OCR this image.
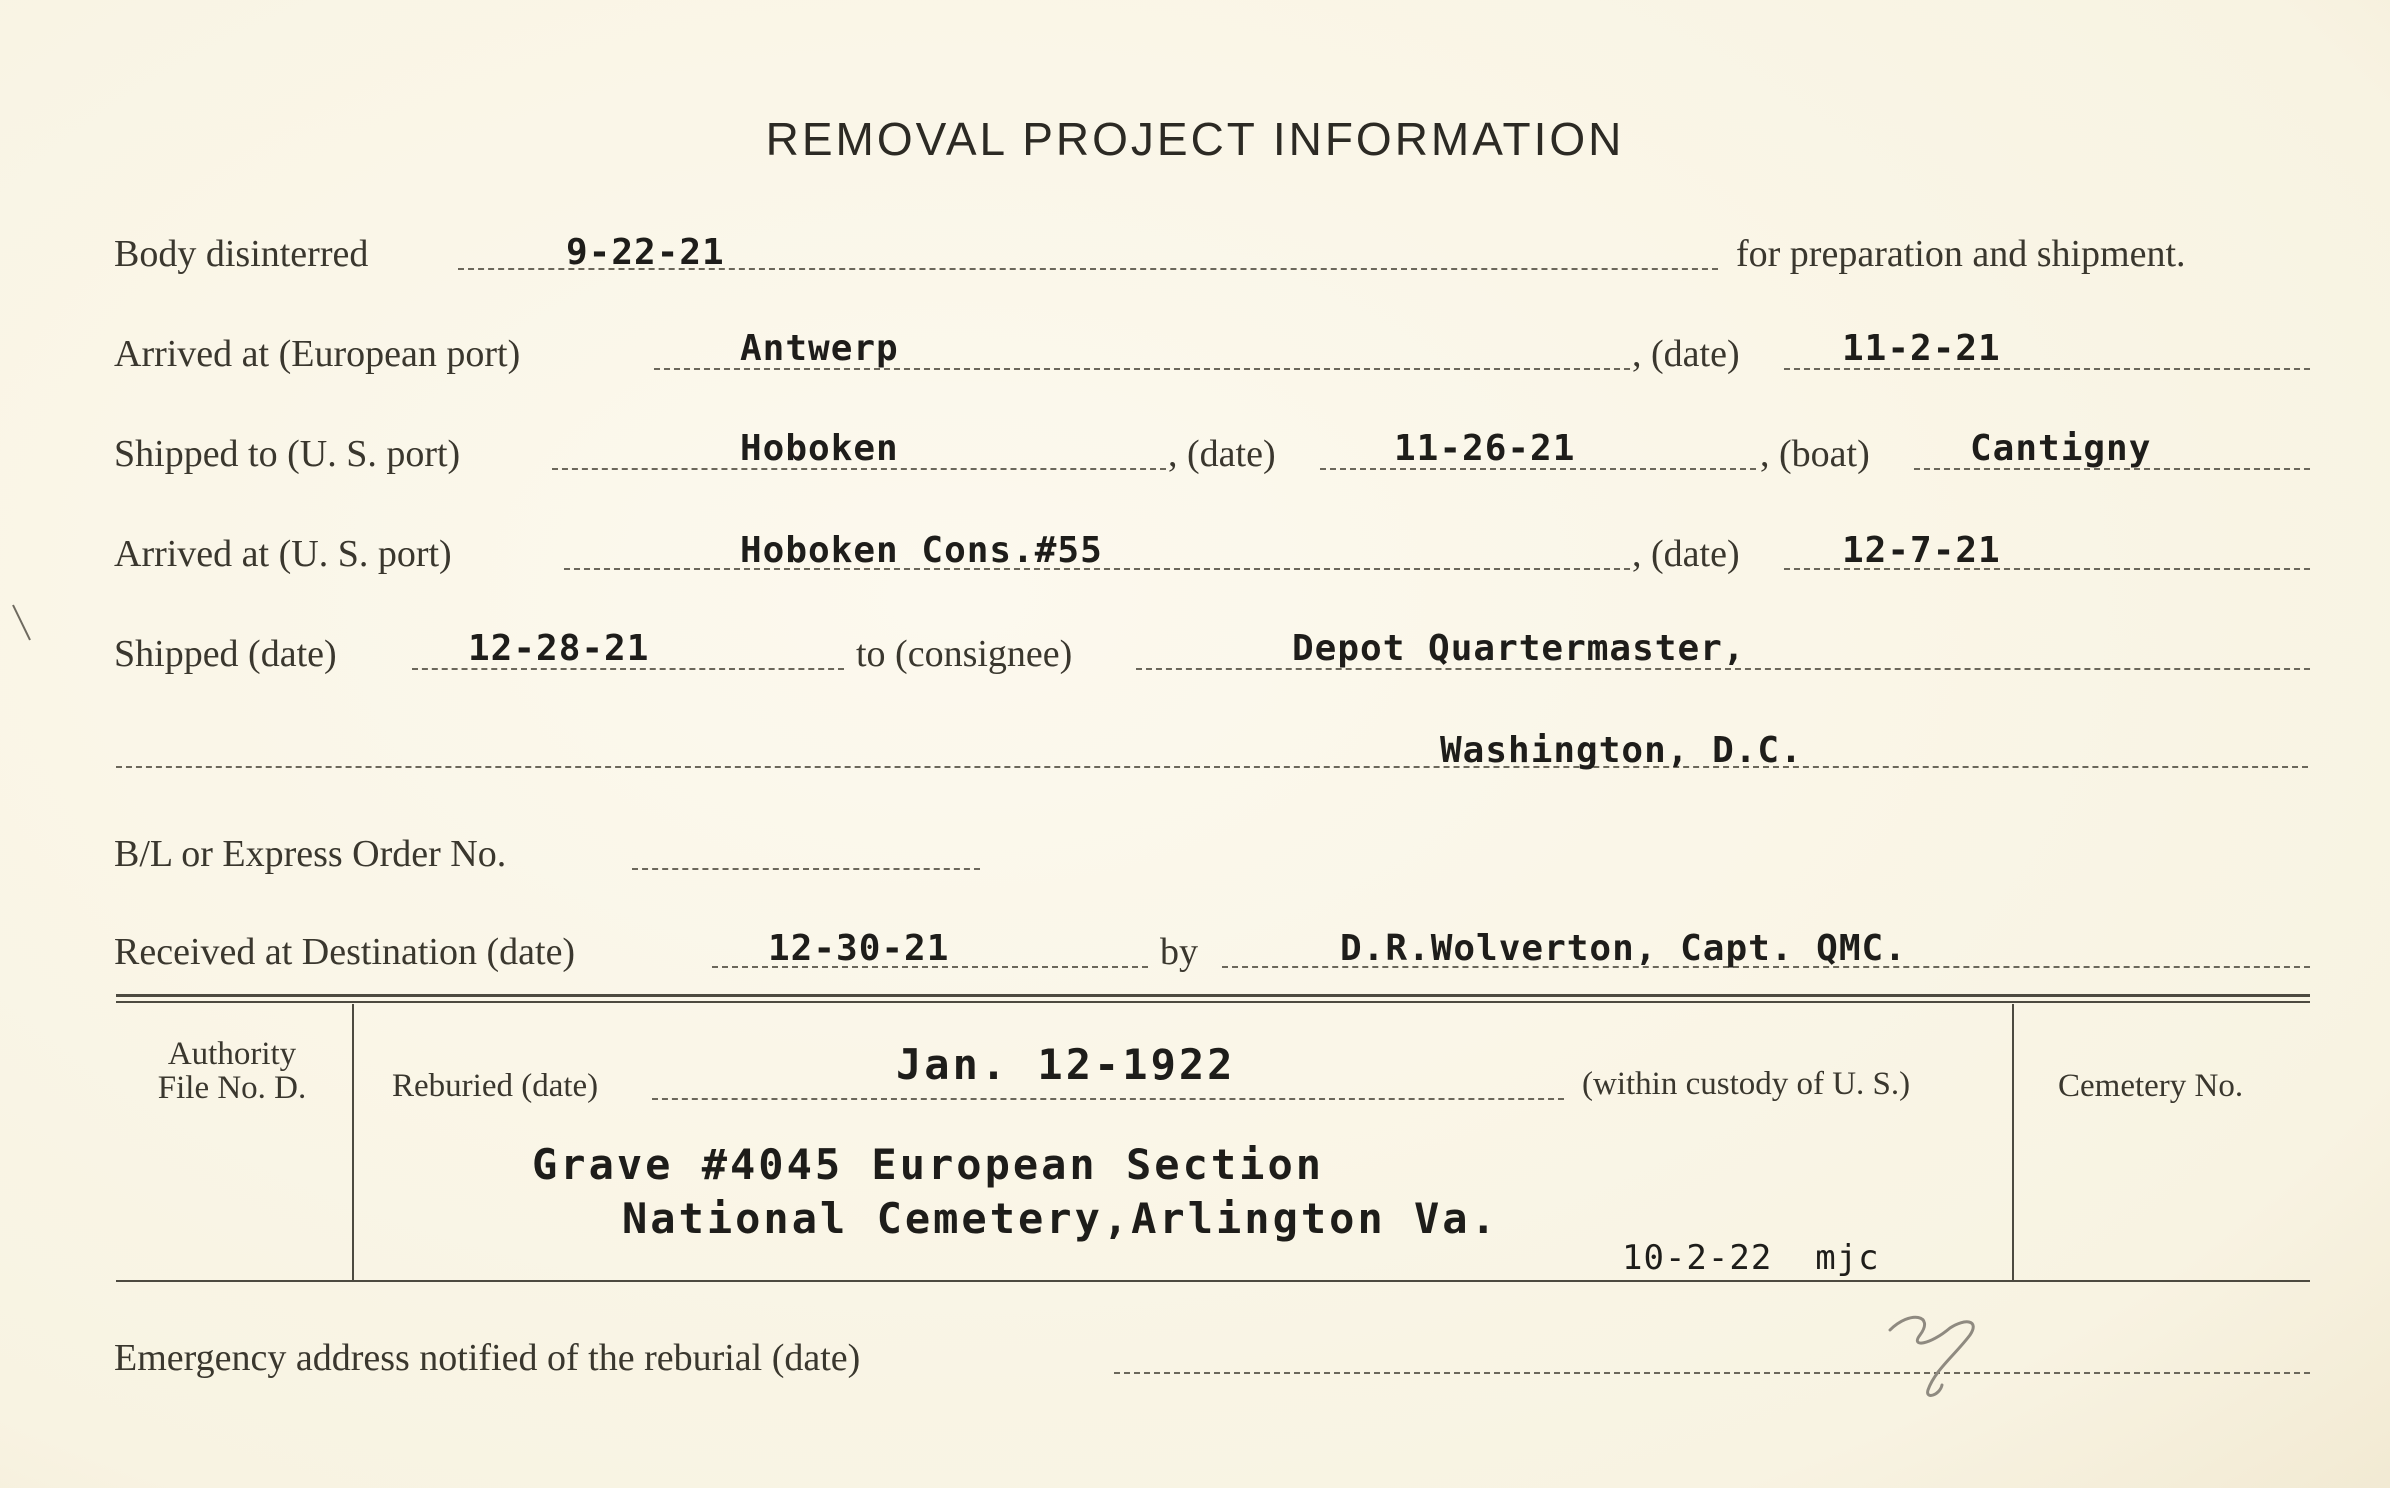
REMOVAL PROJECT INFORMATION
Body disinterred	9-22-21	for preparation and shipment.
Arrived at (European port)	Antwerp	, (date)	11-2-21
Shipped to (U. S. port)	Hoboken	, (date)	11-26-21	, (boat)	Cantigny
Arrived at (U. S. port)	Hoboken Cons.#55	, (date)	12-7-21
Shipped (date)	12-28-21	to (consignee)	Depot Quartermaster,
Washington, D.C.
B/L or Express Order No.
Received at Destination (date)	12-30-21	by	D.R.Wolverton, Capt. QMC.
Authority
File No. D.	Reburied (date)	Jan. 12-1922	(within custody of U. S.)
Grave #4045 European Section
National Cemetery,Arlington Va.
10-2-22  mjc
Cemetery No.
Emergency address notified of the reburial (date)
